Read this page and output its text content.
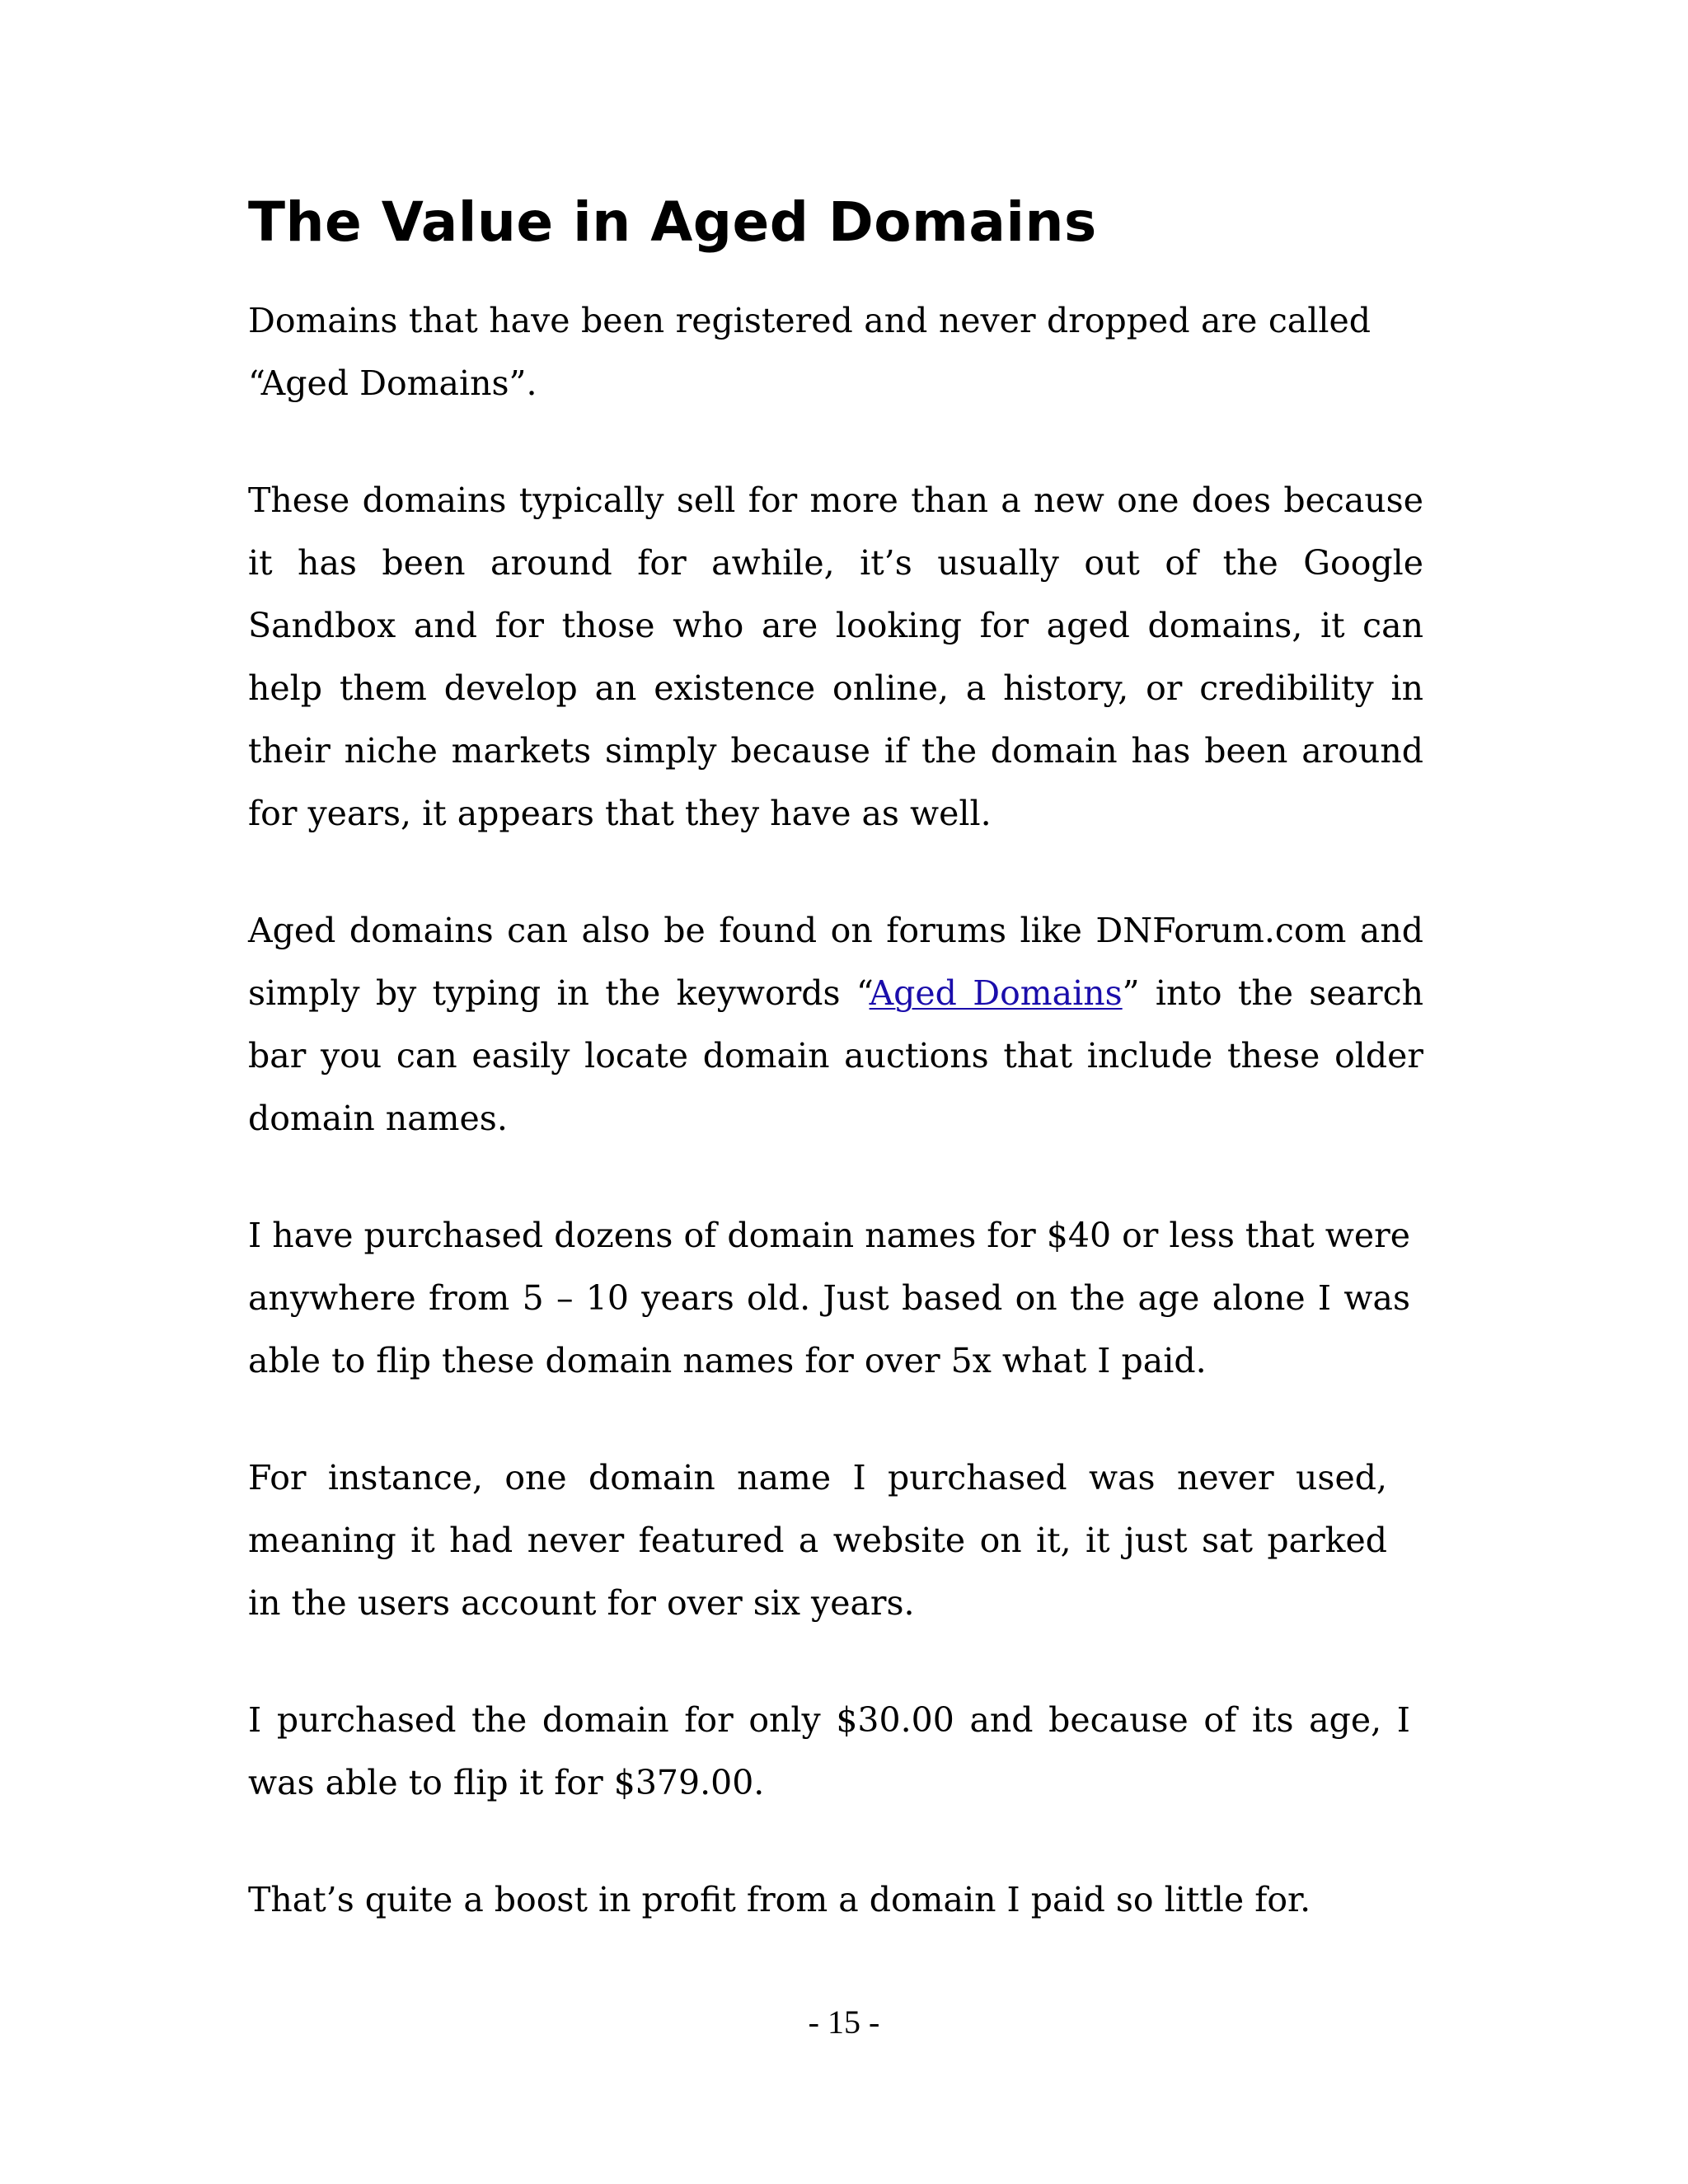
The Value in Aged Domains

Domains that have been registered and never dropped are called “Aged Domains”.

These domains typically sell for more than a new one does because it has been around for awhile, it’s usually out of the Google Sandbox and for those who are looking for aged domains, it can help them develop an existence online, a history, or credibility in their niche markets simply because if the domain has been around for years, it appears that they have as well.

Aged domains can also be found on forums like DNForum.com and simply by typing in the keywords “Aged Domains” into the search bar you can easily locate domain auctions that include these older domain names.

I have purchased dozens of domain names for $40 or less that were anywhere from 5 – 10 years old. Just based on the age alone I was able to flip these domain names for over 5x what I paid.

For instance, one domain name I purchased was never used, meaning it had never featured a website on it, it just sat parked in the users account for over six years.

I purchased the domain for only $30.00 and because of its age, I was able to flip it for $379.00.

That’s quite a boost in profit from a domain I paid so little for.

- 15 -
